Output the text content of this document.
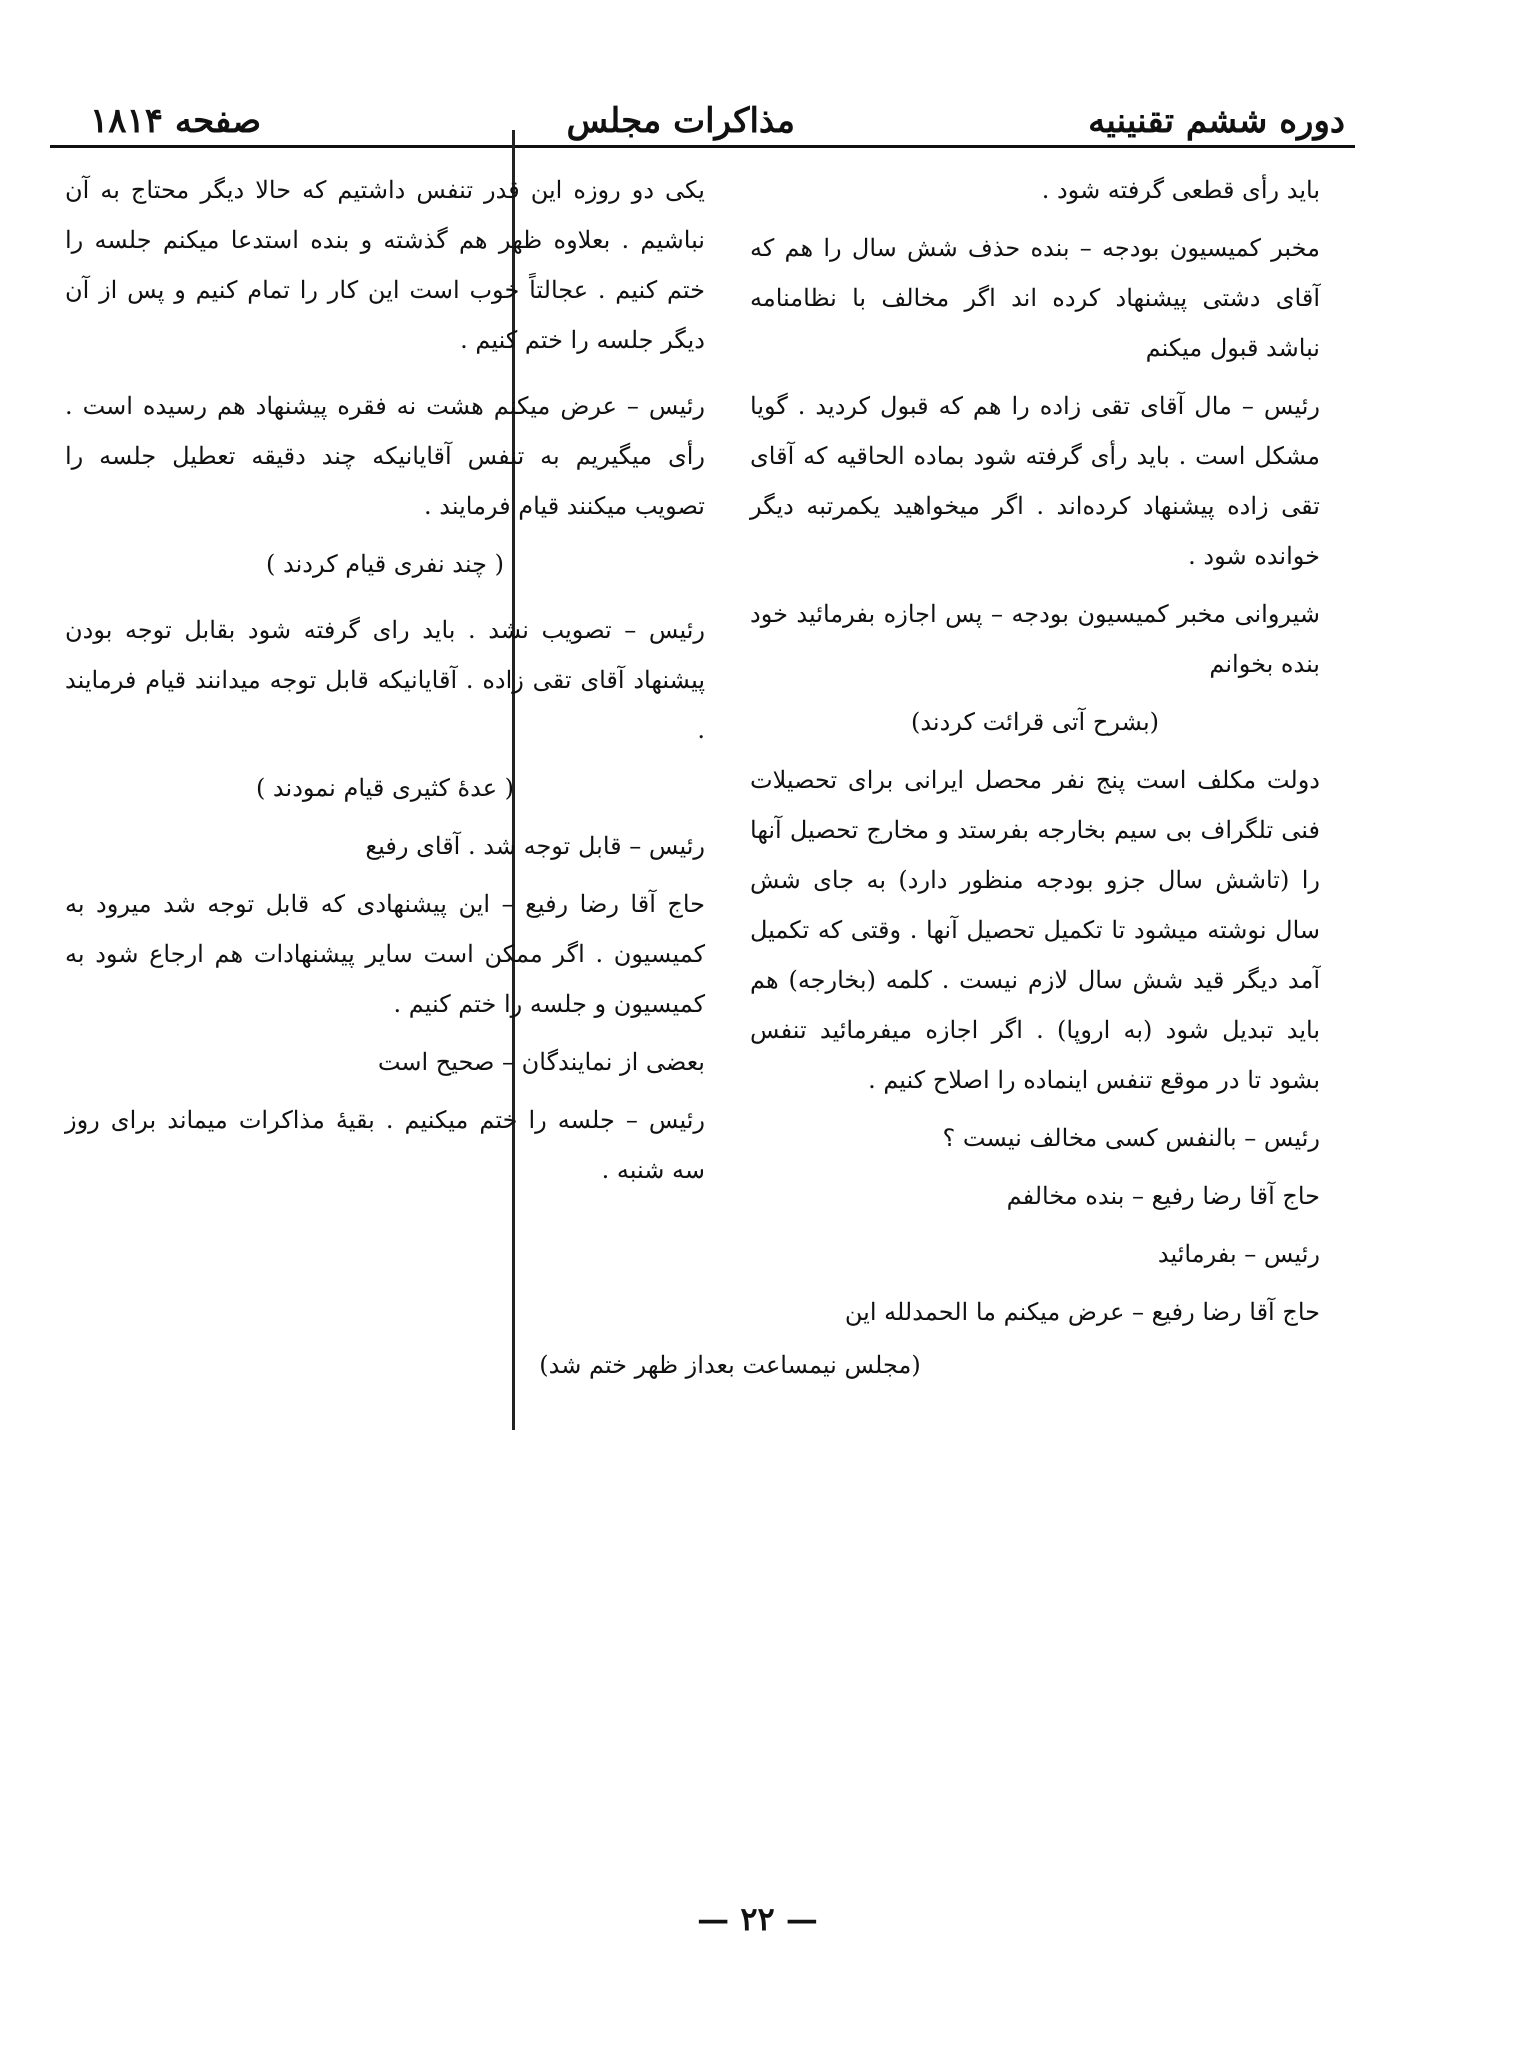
دوره ششم تقنینیه
مذاکرات مجلس
صفحه ۱۸۱۴

باید رأی قطعی گرفته شود .

مخبر کمیسیون بودجه – بنده حذف شش سال را هم که آقای دشتی پیشنهاد کرده اند اگر مخالف با نظامنامه نباشد قبول میکنم

رئیس – مال آقای تقی زاده را هم که قبول کردید . گویا مشکل است . باید رأی گرفته شود بماده الحاقیه که آقای تقی زاده پیشنهاد کرده‌اند . اگر میخواهید یکمرتبه دیگر خوانده شود .

شیروانی مخبر کمیسیون بودجه – پس اجازه بفرمائید خود بنده بخوانم

(بشرح آتی قرائت کردند)

دولت مکلف است پنج نفر محصل ایرانی برای تحصیلات فنی تلگراف بی سیم بخارجه بفرستد و مخارج تحصیل آنها را (تاشش سال جزو بودجه منظور دارد) به جای شش سال نوشته میشود تا تکمیل تحصیل آنها . وقتی که تکمیل آمد دیگر قید شش سال لازم نیست . کلمه (بخارجه) هم باید تبدیل شود (به اروپا) . اگر اجازه میفرمائید تنفس بشود تا در موقع تنفس اینماده را اصلاح کنیم .

رئیس – بالنفس کسی مخالف نیست ؟

حاج آقا رضا رفیع – بنده مخالفم

رئیس – بفرمائید

حاج آقا رضا رفیع – عرض میکنم ما الحمدلله این

یکی دو روزه این قدر تنفس داشتیم که حالا دیگر محتاج به آن نباشیم . بعلاوه ظهر هم گذشته و بنده استدعا میکنم جلسه را ختم کنیم . عجالتاً خوب است این کار را تمام کنیم و پس از آن دیگر جلسه را ختم کنیم .

رئیس – عرض میکنم هشت نه فقره پیشنهاد هم رسیده است . رأی میگیریم به تنفس آقایانیکه چند دقیقه تعطیل جلسه را تصویب میکنند قیام فرمایند .

( چند نفری قیام کردند )

رئیس – تصویب نشد . باید رای گرفته شود بقابل توجه بودن پیشنهاد آقای تقی زاده . آقایانیکه قابل توجه میدانند قیام فرمایند .

( عدهٔ کثیری قیام نمودند )

رئیس – قابل توجه شد . آقای رفیع

حاج آقا رضا رفیع – این پیشنهادی که قابل توجه شد میرود به کمیسیون . اگر ممکن است سایر پیشنهادات هم ارجاع شود به کمیسیون و جلسه را ختم کنیم .

بعضی از نمایندگان – صحیح است

رئیس – جلسه را ختم میکنیم . بقیهٔ مذاکرات میماند برای روز سه شنبه .

(مجلس نیمساعت بعداز ظهر ختم شد)
— ۲۲ —
